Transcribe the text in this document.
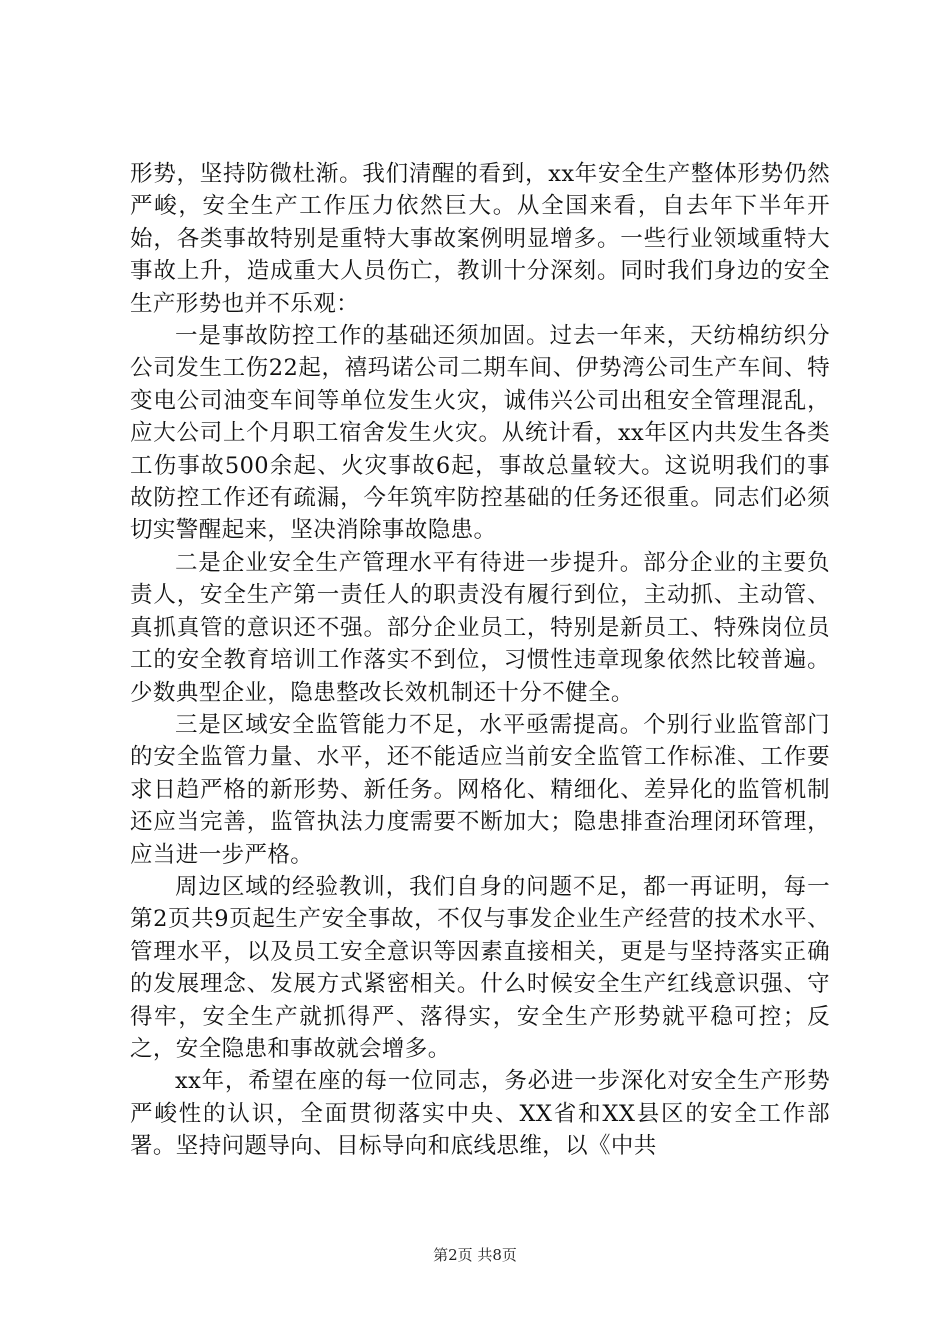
形势，坚持防微杜渐。我们清醒的看到，xx年安全生产整体形势仍然严峻，安全生产工作压力依然巨大。从全国来看，自去年下半年开始，各类事故特别是重特大事故案例明显增多。一些行业领域重特大事故上升，造成重大人员伤亡，教训十分深刻。同时我们身边的安全生产形势也并不乐观：

一是事故防控工作的基础还须加固。过去一年来，天纺棉纺织分公司发生工伤22起，禧玛诺公司二期车间、伊势湾公司生产车间、特变电公司油变车间等单位发生火灾，诚伟兴公司出租安全管理混乱，应大公司上个月职工宿舍发生火灾。从统计看，xx年区内共发生各类工伤事故500余起、火灾事故6起，事故总量较大。这说明我们的事故防控工作还有疏漏，今年筑牢防控基础的任务还很重。同志们必须切实警醒起来，坚决消除事故隐患。

二是企业安全生产管理水平有待进一步提升。部分企业的主要负责人，安全生产第一责任人的职责没有履行到位，主动抓、主动管、真抓真管的意识还不强。部分企业员工，特别是新员工、特殊岗位员工的安全教育培训工作落实不到位，习惯性违章现象依然比较普遍。少数典型企业，隐患整改长效机制还十分不健全。

三是区域安全监管能力不足，水平亟需提高。个别行业监管部门的安全监管力量、水平，还不能适应当前安全监管工作标准、工作要求日趋严格的新形势、新任务。网格化、精细化、差异化的监管机制还应当完善，监管执法力度需要不断加大；隐患排查治理闭环管理，应当进一步严格。

周边区域的经验教训，我们自身的问题不足，都一再证明，每一第2页共9页起生产安全事故，不仅与事发企业生产经营的技术水平、管理水平，以及员工安全意识等因素直接相关，更是与坚持落实正确的发展理念、发展方式紧密相关。什么时候安全生产红线意识强、守得牢，安全生产就抓得严、落得实，安全生产形势就平稳可控；反之，安全隐患和事故就会增多。

xx年，希望在座的每一位同志，务必进一步深化对安全生产形势严峻性的认识，全面贯彻落实中央、XX省和XX县区的安全工作部署。坚持问题导向、目标导向和底线思维，以《中共

第2页 共8页
